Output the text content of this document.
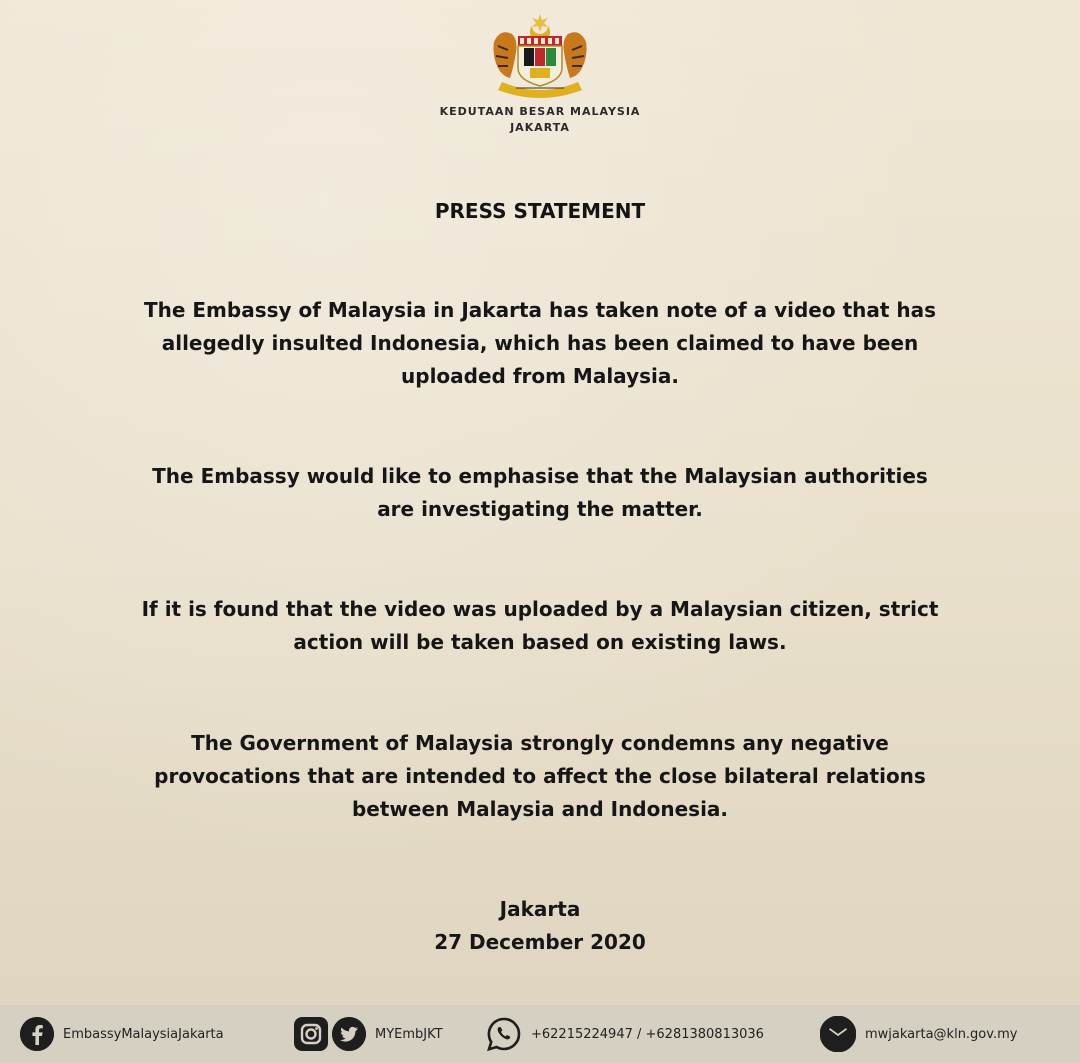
KEDUTAAN BESAR MALAYSIA
JAKARTA
PRESS STATEMENT
The Embassy of Malaysia in Jakarta has taken note of a video that has
allegedly insulted Indonesia, which has been claimed to have been
uploaded from Malaysia.
The Embassy would like to emphasise that the Malaysian authorities
are investigating the matter.
If it is found that the video was uploaded by a Malaysian citizen, strict
action will be taken based on existing laws.
The Government of Malaysia strongly condemns any negative
provocations that are intended to affect the close bilateral relations
between Malaysia and Indonesia.
Jakarta
27 December 2020
EmbassyMalaysiaJakarta	MYEmbJKT	+62215224947 / +6281380813036	mwjakarta@kln.gov.my
